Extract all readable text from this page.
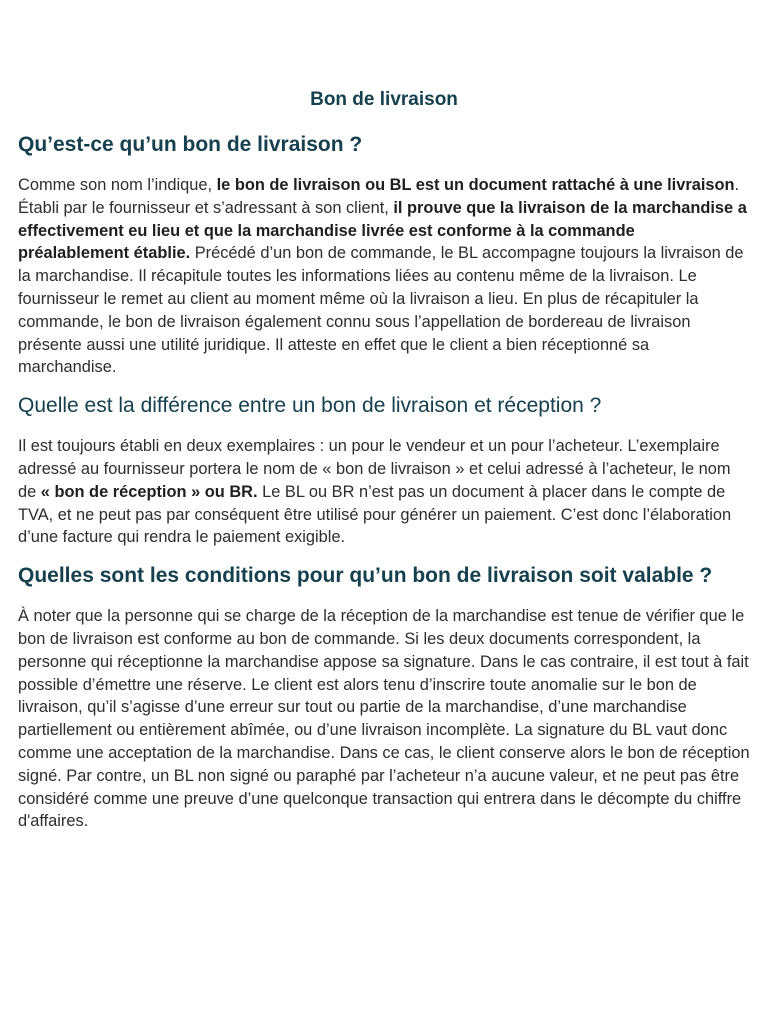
Bon de livraison
Qu’est-ce qu’un bon de livraison ?

Comme son nom l’indique, le bon de livraison ou BL est un document rattaché à une livraison. Établi par le fournisseur et s’adressant à son client, il prouve que la livraison de la marchandise a effectivement eu lieu et que la marchandise livrée est conforme à la commande préalablement établie. Précédé d’un bon de commande, le BL accompagne toujours la livraison de la marchandise. Il récapitule toutes les informations liées au contenu même de la livraison. Le fournisseur le remet au client au moment même où la livraison a lieu. En plus de récapituler la commande, le bon de livraison également connu sous l’appellation de bordereau de livraison présente aussi une utilité juridique. Il atteste en effet que le client a bien réceptionné sa marchandise.

Quelle est la différence entre un bon de livraison et réception ?

Il est toujours établi en deux exemplaires : un pour le vendeur et un pour l’acheteur. L’exemplaire adressé au fournisseur portera le nom de « bon de livraison » et celui adressé à l’acheteur, le nom de « bon de réception » ou BR. Le BL ou BR n’est pas un document à placer dans le compte de TVA, et ne peut pas par conséquent être utilisé pour générer un paiement. C’est donc l’élaboration d’une facture qui rendra le paiement exigible.

Quelles sont les conditions pour qu’un bon de livraison soit valable ?

À noter que la personne qui se charge de la réception de la marchandise est tenue de vérifier que le bon de livraison est conforme au bon de commande. Si les deux documents correspondent, la personne qui réceptionne la marchandise appose sa signature. Dans le cas contraire, il est tout à fait possible d’émettre une réserve. Le client est alors tenu d’inscrire toute anomalie sur le bon de livraison, qu’il s’agisse d’une erreur sur tout ou partie de la marchandise, d’une marchandise partiellement ou entièrement abîmée, ou d’une livraison incomplète. La signature du BL vaut donc comme une acceptation de la marchandise. Dans ce cas, le client conserve alors le bon de réception signé. Par contre, un BL non signé ou paraphé par l’acheteur n’a aucune valeur, et ne peut pas être considéré comme une preuve d’une quelconque transaction qui entrera dans le décompte du chiffre d'affaires.
